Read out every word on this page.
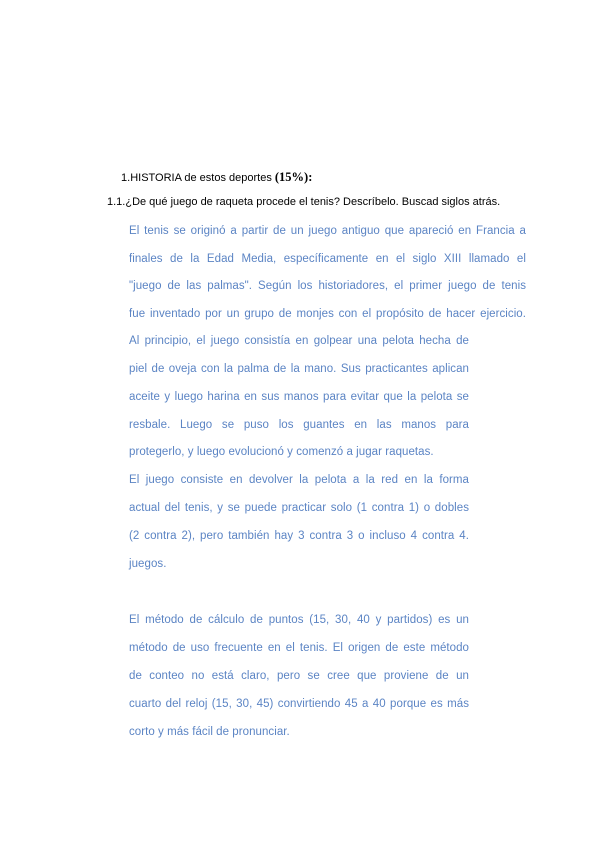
1.HISTORIA de estos deportes (15%):
1.1.¿De qué juego de raqueta procede el tenis? Descríbelo. Buscad siglos atrás.
El tenis se originó a partir de un juego antiguo que apareció en Francia a
finales de la Edad Media, específicamente en el siglo XIII llamado el
"juego de las palmas". Según los historiadores, el primer juego de tenis
fue inventado por un grupo de monjes con el propósito de hacer ejercicio.
Al principio, el juego consistía en golpear una pelota hecha de
piel de oveja con la palma de la mano. Sus practicantes aplican
aceite y luego harina en sus manos para evitar que la pelota se
resbale. Luego se puso los guantes en las manos para
protegerlo, y luego evolucionó y comenzó a jugar raquetas.
El juego consiste en devolver la pelota a la red en la forma
actual del tenis, y se puede practicar solo (1 contra 1) o dobles
(2 contra 2), pero también hay 3 contra 3 o incluso 4 contra 4.
juegos.
El método de cálculo de puntos (15, 30, 40 y partidos) es un
método de uso frecuente en el tenis. El origen de este método
de conteo no está claro, pero se cree que proviene de un
cuarto del reloj (15, 30, 45) convirtiendo 45 a 40 porque es más
corto y más fácil de pronunciar.
